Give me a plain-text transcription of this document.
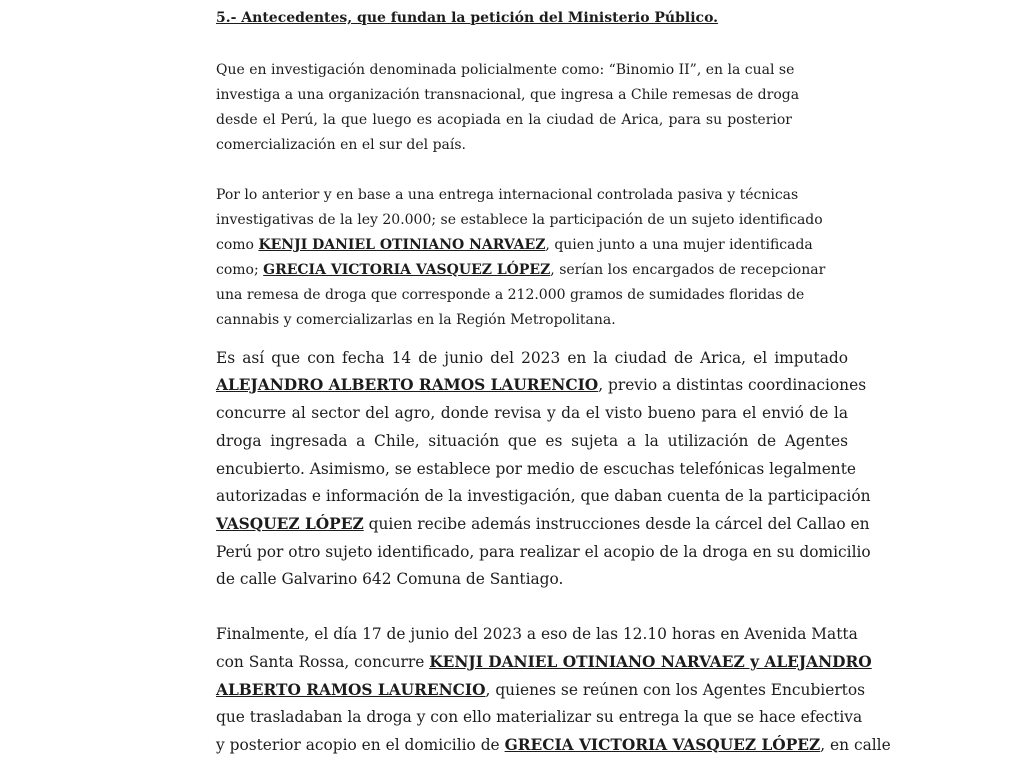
5.- Antecedentes, que fundan la petición del Ministerio Público.
Que en investigación denominada policialmente como: “Binomio II”, en la cual se
investiga a una organización transnacional, que ingresa a Chile remesas de droga
desde el Perú, la que luego es acopiada en la ciudad de Arica, para su posterior
comercialización en el sur del país.
Por lo anterior y en base a una entrega internacional controlada pasiva y técnicas
investigativas de la ley 20.000; se establece la participación de un sujeto identificado
como KENJI DANIEL OTINIANO NARVAEZ, quien junto a una mujer identificada
como; GRECIA VICTORIA VASQUEZ LÓPEZ, serían los encargados de recepcionar
una remesa de droga que corresponde a 212.000 gramos de sumidades floridas de
cannabis y comercializarlas en la Región Metropolitana.
Es así que con fecha 14 de junio del 2023 en la ciudad de Arica, el imputado
ALEJANDRO ALBERTO RAMOS LAURENCIO, previo a distintas coordinaciones
concurre al sector del agro, donde revisa y da el visto bueno para el envió de la
droga ingresada a Chile, situación que es sujeta a la utilización de Agentes
encubierto. Asimismo, se establece por medio de escuchas telefónicas legalmente
autorizadas e información de la investigación, que daban cuenta de la participación
VASQUEZ LÓPEZ quien recibe además instrucciones desde la cárcel del Callao en
Perú por otro sujeto identificado, para realizar el acopio de la droga en su domicilio
de calle Galvarino 642 Comuna de Santiago.
Finalmente, el día 17 de junio del 2023 a eso de las 12.10 horas en Avenida Matta
con Santa Rossa, concurre KENJI DANIEL OTINIANO NARVAEZ y ALEJANDRO
ALBERTO RAMOS LAURENCIO, quienes se reúnen con los Agentes Encubiertos
que trasladaban la droga y con ello materializar su entrega la que se hace efectiva
y posterior acopio en el domicilio de GRECIA VICTORIA VASQUEZ LÓPEZ, en calle
